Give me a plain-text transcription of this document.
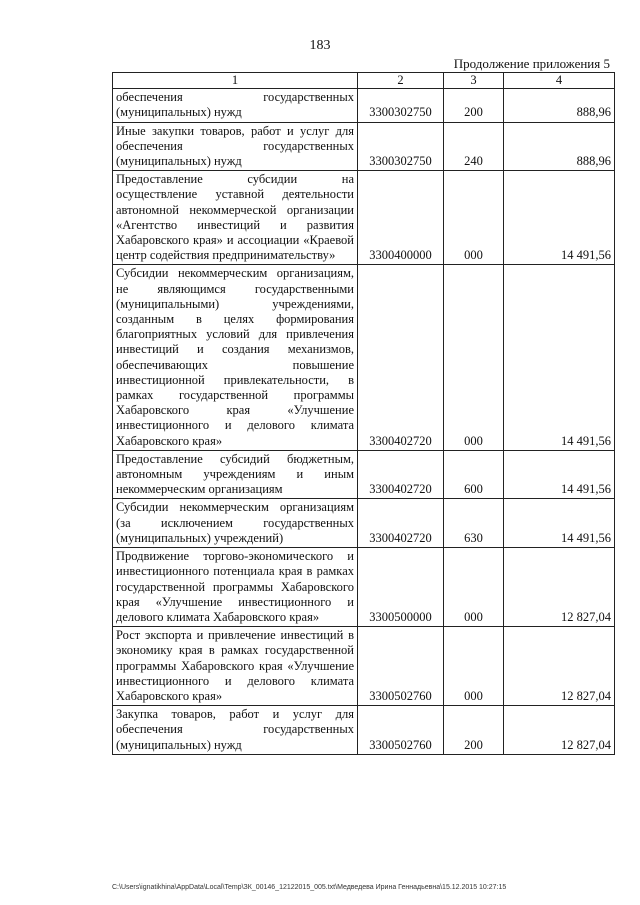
183
Продолжение приложения 5
1	2	3	4
обеспечения государственных (муниципальных) нужд	3300302750	200	888,96
Иные закупки товаров, работ и услуг для обеспечения государственных (муниципальных) нужд	3300302750	240	888,96
Предоставление субсидии на осуществление уставной деятельности автономной некоммерческой организации «Агентство инвестиций и развития Хабаровского края» и ассоциации «Краевой центр содействия предпринимательству»	3300400000	000	14 491,56
Субсидии некоммерческим организациям, не являющимся государственными (муниципальными) учреждениями, созданным в целях формирования благоприятных условий для привлечения инвестиций и создания механизмов, обеспечивающих повышение инвестиционной привлекательности, в рамках государственной программы Хабаровского края «Улучшение инвестиционного и делового климата Хабаровского края»	3300402720	000	14 491,56
Предоставление субсидий бюджетным, автономным учреждениям и иным некоммерческим организациям	3300402720	600	14 491,56
Субсидии некоммерческим организациям (за исключением государственных (муниципальных) учреждений)	3300402720	630	14 491,56
Продвижение торгово-экономического и инвестиционного потенциала края в рамках государственной программы Хабаровского края «Улучшение инвестиционного и делового климата Хабаровского края»	3300500000	000	12 827,04
Рост экспорта и привлечение инвестиций в экономику края в рамках государственной программы Хабаровского края «Улучшение инвестиционного и делового климата Хабаровского края»	3300502760	000	12 827,04
Закупка товаров, работ и услуг для обеспечения государственных (муниципальных) нужд	3300502760	200	12 827,04
C:\Users\ignatikhina\AppData\Local\Temp\ЗК_00146_12122015_005.txt\Медведева Ирина Геннадьевна\15.12.2015 10:27:15
